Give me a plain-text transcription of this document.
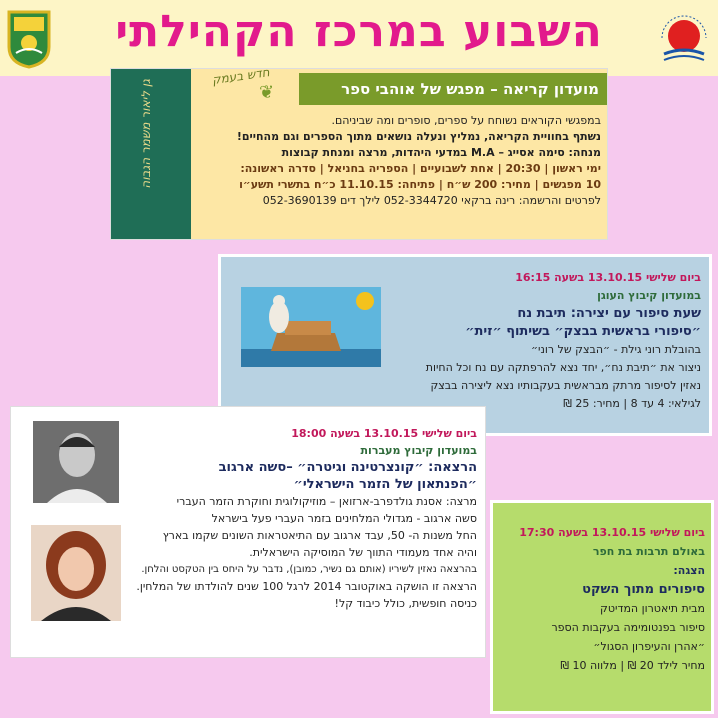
השבוע במרכז הקהילתי
גן ליאור משמר הגבוה
חדש בעמק
מועדון קריאה – מפגש של אוהבי ספר
❦

במפגשי הקוראים נשוחח על ספרים, סופרים ומה שביניהם.

נשתף בחוויית הקריאה, נמליץ ונעלה נושאים מתוך הספרים וגם מהחיים!

מנחה: סימה אסייג – M.A במדעי היהדות, מרצה ומנחת קבוצות

ימי ראשון | 20:30 | אחת לשבועיים | הספריה בחניאל | סדרה ראשונה:

10 מפגשים | מחיר: 200 ש״ח | פתיחה: 11.10.15 כ״ח בתשרי תשע״ו

לפרטים והרשמה: רינה ברקאי 052-3344720 לילך דים 052-3690139

ביום שלישי 13.10.15 בשעה 16:15

במועדון קיבוץ העוגן

שעת סיפור עם יצירה: תיבת נח

״סיפורי בראשית בבצק״ בשיתוף ״זית״

בהובלת רוני גילת - ״הבצק של רוני״

ניצור את ״תיבת נח״, יחד נצא להרפתקה עם נח וכל החיות

נאזין לסיפור מרתק מבראשית בעקבותיו נצא ליצירה בבצק

לגילאי: 4 עד 8 | מחיר: 25 ₪

ביום שלישי 13.10.15 בשעה 18:00

במועדון קיבוץ מעברות

הרצאה: ״קונצרטינה וגיטרה״ –סשה ארגוב

״הפנתאון של הזמר הישראלי״

מרצה: אסנת גולדפרב-ארזואן – מוזיקולוגית וחוקרת הזמר העברי

סשה ארגוב - מגדולי המלחינים בזמר העברי פעל בישראל

החל משנות ה- 50, עבד ארגוב עם התיאטראות השונים שקמו בארץ

והיה אחד מעמודי התווך של המוסיקה הישראלית.

בהרצאה נאזין לשיריו (אותם גם נשיר, כמובן), נדבר על היחס בין הטקסט והלחן.

הרצאה זו הושקה באוקטובר 2014 לרגל 100 שנים להולדתו של המלחין.

כניסה חופשית, כולל כיבוד קל!

ביום שלישי 13.10.15 בשעה 17:30

באולם תרבות בת חפר

הצגה:

סיפורים מתוך השקט

מבית תיאטרון המדיטק

סיפור בפנטומימה בעקבות הספר

״אהרן והעיפרון הסגול״

מחיר לילד 20 ₪ | מלווה 10 ₪
